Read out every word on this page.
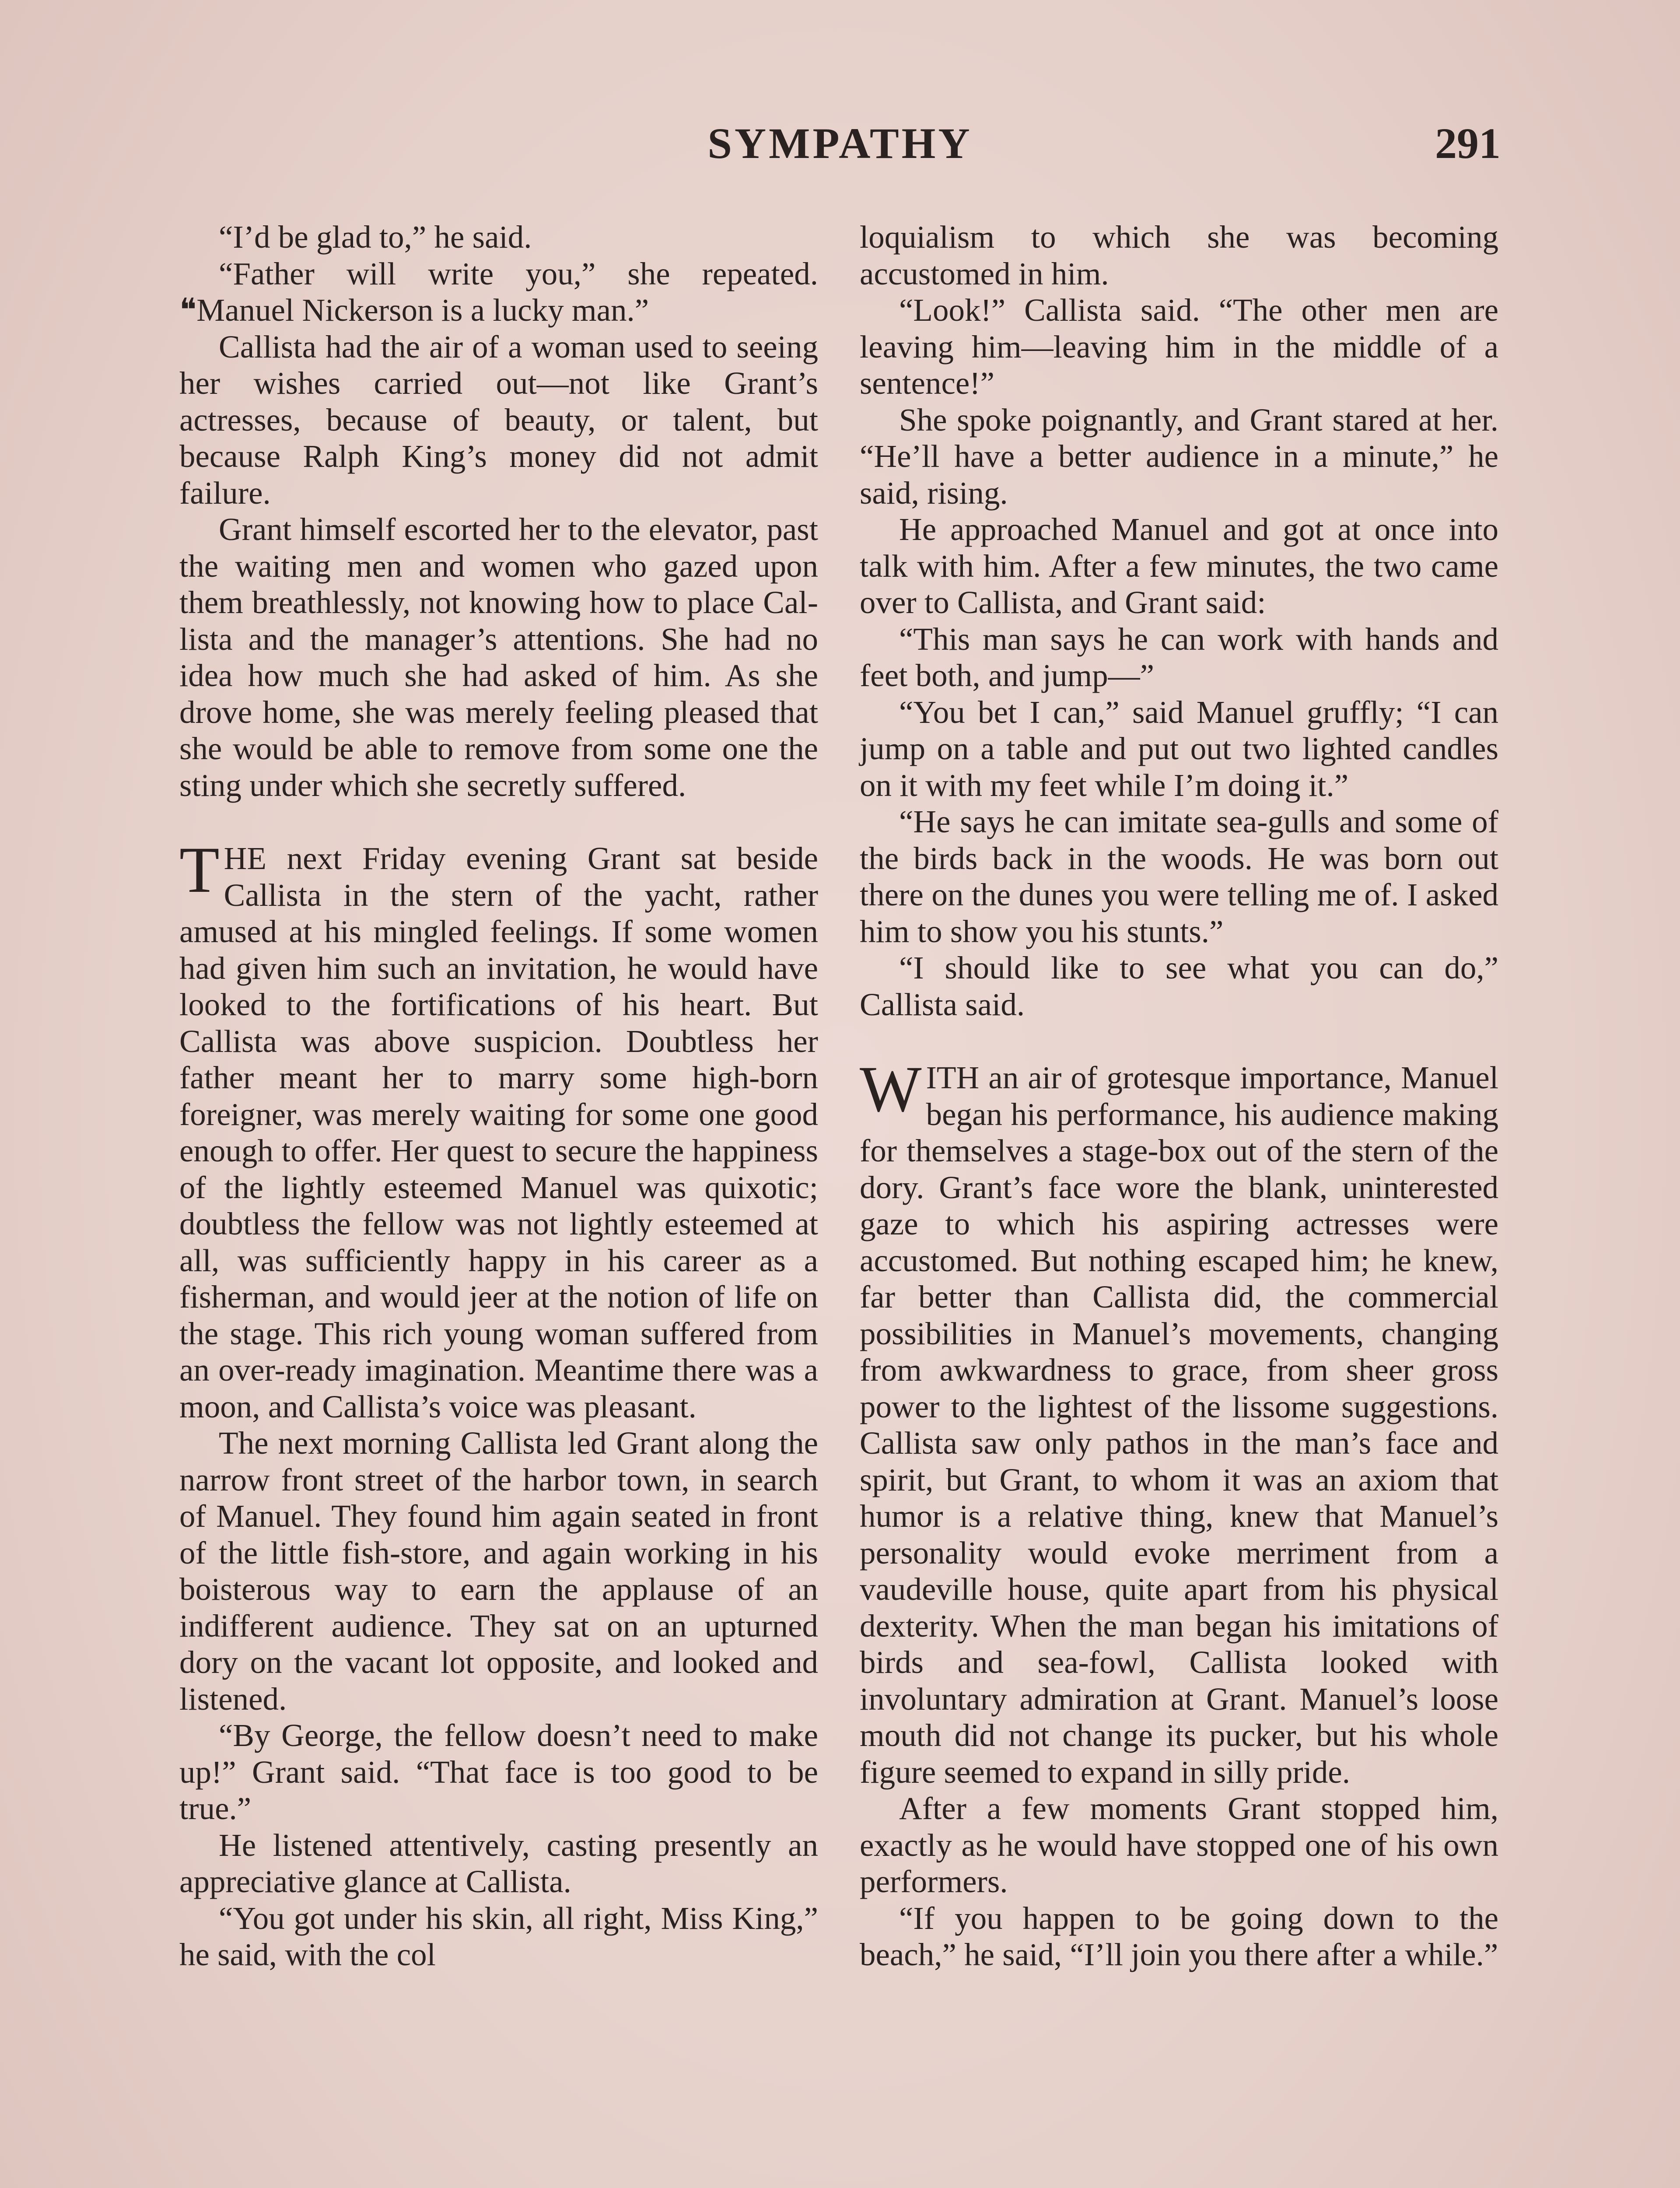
SYMPATHY	291

“I’d be glad to,” he said.

“Father will write you,” she repeated. ❝Manuel Nickerson is a lucky man.”

Callista had the air of a woman used to seeing her wishes carried out—not like Grant’s actresses, because of beauty, or talent, but because Ralph King’s money did not admit failure.

Grant himself escorted her to the elevator, past the waiting men and women who gazed upon them breathlessly, not knowing how to place Callista and the manager’s attentions. She had no idea how much she had asked of him. As she drove home, she was merely feeling pleased that she would be able to remove from some one the sting under which she secretly suffered.

THE next Friday evening Grant sat beside Callista in the stern of the yacht, rather amused at his mingled feelings. If some women had given him such an invitation, he would have looked to the fortifications of his heart. But Callista was above suspicion. Doubtless her father meant her to marry some high-born foreigner, was merely waiting for some one good enough to offer. Her quest to secure the happiness of the lightly esteemed Manuel was quixotic; doubtless the fellow was not lightly esteemed at all, was sufficiently happy in his career as a fisherman, and would jeer at the notion of life on the stage. This rich young woman suffered from an over-ready imagination. Meantime there was a moon, and Callista’s voice was pleasant.

The next morning Callista led Grant along the narrow front street of the harbor town, in search of Manuel. They found him again seated in front of the little fish-store, and again working in his boisterous way to earn the applause of an indifferent audience. They sat on an upturned dory on the vacant lot opposite, and looked and listened.

“By George, the fellow doesn’t need to make up!” Grant said. “That face is too good to be true.”

He listened attentively, casting presently an appreciative glance at Callista.

“You got under his skin, all right, Miss King,” he said, with the col

loquialism to which she was becoming accustomed in him.

“Look!” Callista said. “The other men are leaving him—leaving him in the middle of a sentence!”

She spoke poignantly, and Grant stared at her. “He’ll have a better audience in a minute,” he said, rising.

He approached Manuel and got at once into talk with him. After a few minutes, the two came over to Callista, and Grant said:

“This man says he can work with hands and feet both, and jump—”

“You bet I can,” said Manuel gruffly; “I can jump on a table and put out two lighted candles on it with my feet while I’m doing it.”

“He says he can imitate sea-gulls and some of the birds back in the woods. He was born out there on the dunes you were telling me of. I asked him to show you his stunts.”

“I should like to see what you can do,” Callista said.

WITH an air of grotesque importance, Manuel began his performance, his audience making for themselves a stage-box out of the stern of the dory. Grant’s face wore the blank, uninterested gaze to which his aspiring actresses were accustomed. But nothing escaped him; he knew, far better than Callista did, the commercial possibilities in Manuel’s movements, changing from awkwardness to grace, from sheer gross power to the lightest of the lissome suggestions. Callista saw only pathos in the man’s face and spirit, but Grant, to whom it was an axiom that humor is a relative thing, knew that Manuel’s personality would evoke merriment from a vaudeville house, quite apart from his physical dexterity. When the man began his imitations of birds and sea-fowl, Callista looked with involuntary admiration at Grant. Manuel’s loose mouth did not change its pucker, but his whole figure seemed to expand in silly pride.

After a few moments Grant stopped him, exactly as he would have stopped one of his own performers.

“If you happen to be going down to the beach,” he said, “I’ll join you there after a while.”
